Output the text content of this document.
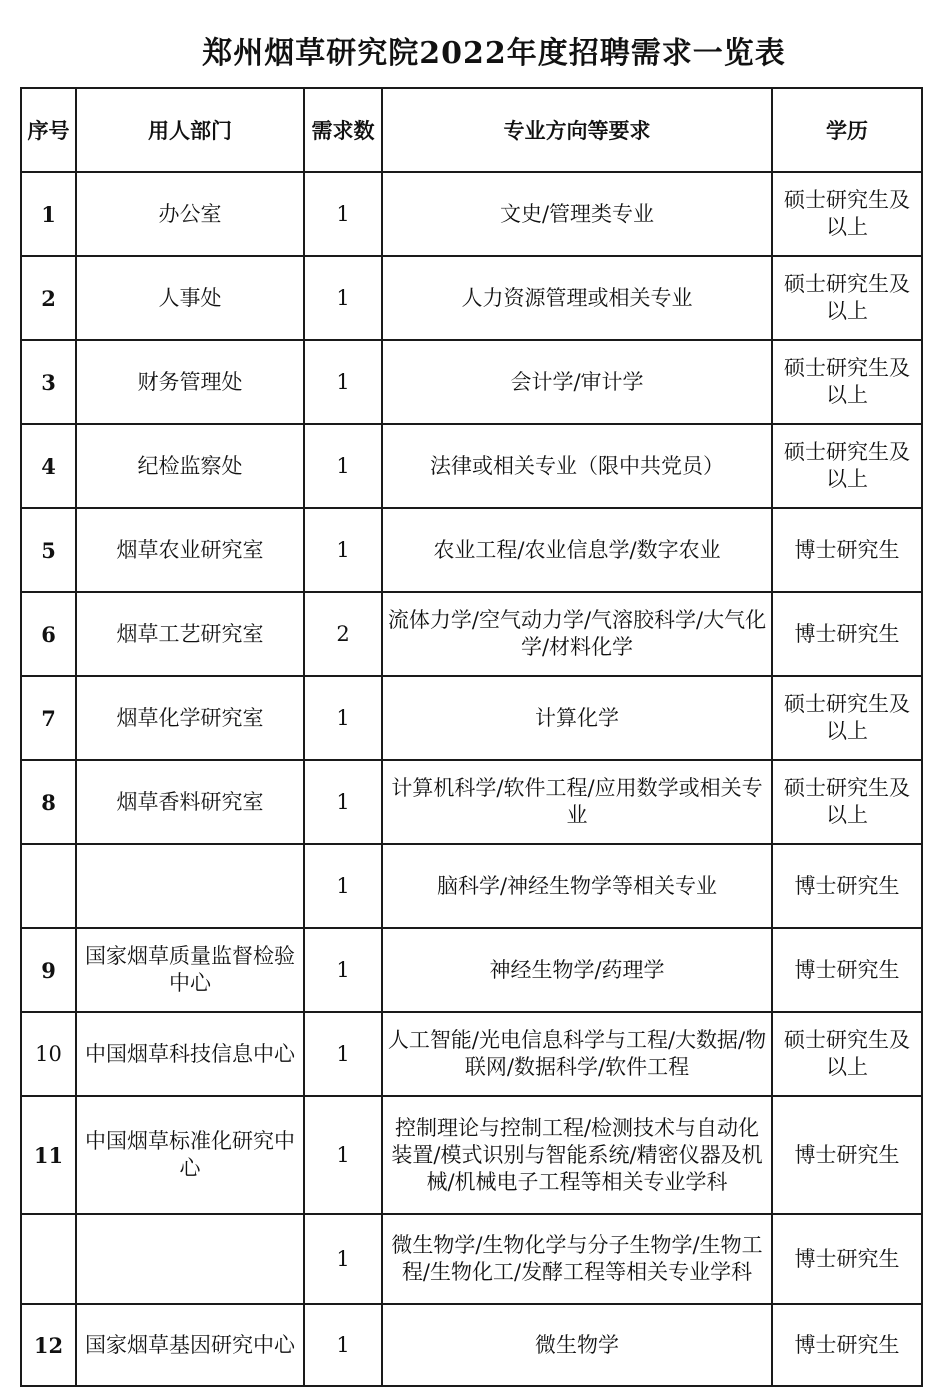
郑州烟草研究院2022年度招聘需求一览表
序号	用人部门	需求数	专业方向等要求	学历
1	办公室	1	文史/管理类专业	硕士研究生及以上
2	人事处	1	人力资源管理或相关专业	硕士研究生及以上
3	财务管理处	1	会计学/审计学	硕士研究生及以上
4	纪检监察处	1	法律或相关专业（限中共党员）	硕士研究生及以上
5	烟草农业研究室	1	农业工程/农业信息学/数字农业	博士研究生
6	烟草工艺研究室	2	流体力学/空气动力学/气溶胶科学/大气化学/材料化学	博士研究生
7	烟草化学研究室	1	计算化学	硕士研究生及以上
8	烟草香料研究室	1	计算机科学/软件工程/应用数学或相关专业	硕士研究生及以上
		1	脑科学/神经生物学等相关专业	博士研究生
9	国家烟草质量监督检验中心	1	神经生物学/药理学	博士研究生
10	中国烟草科技信息中心	1	人工智能/光电信息科学与工程/大数据/物联网/数据科学/软件工程	硕士研究生及以上
11	中国烟草标准化研究中心	1	控制理论与控制工程/检测技术与自动化装置/模式识别与智能系统/精密仪器及机械/机械电子工程等相关专业学科	博士研究生
		1	微生物学/生物化学与分子生物学/生物工程/生物化工/发酵工程等相关专业学科	博士研究生
12	国家烟草基因研究中心	1	微生物学	博士研究生
